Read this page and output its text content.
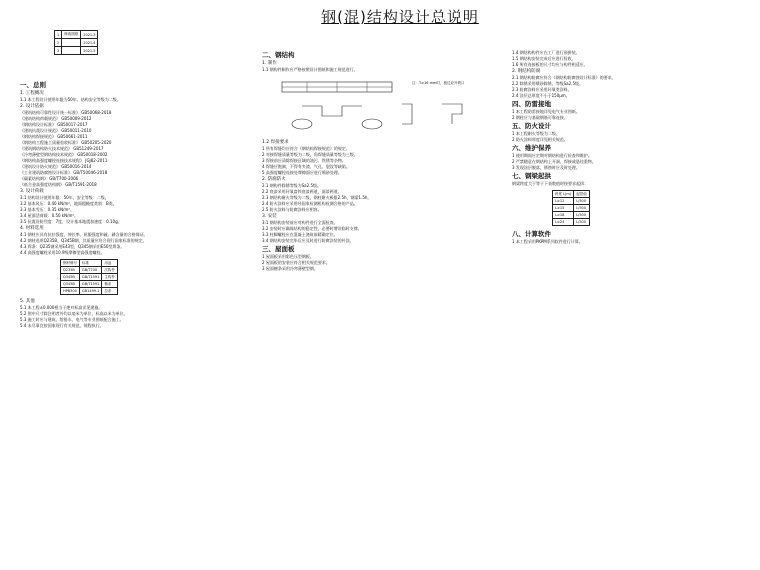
钢(混)结构设计总说明
1	修改图纸	2021.3
2		2021.4
3		2021.5
一、总则
1. 工程概况
1.1 本工程设计使用年限为50年，结构安全等级为二级。
2. 设计依据
《建筑结构可靠性设计统一标准》 GB50068-2018
《建筑结构荷载规范》 GB50009-2012
《钢结构设计标准》 GB50017-2017
《建筑抗震设计规范》 GB50011-2010
《钢结构焊接规范》 GB50661-2011
《钢结构工程施工质量验收标准》 GB50205-2020
《建筑钢结构防火技术规范》 GB51249-2017
《冷弯薄壁型钢结构技术规范》 GB50018-2002
《钢结构高强度螺栓连接技术规程》 JGJ82-2011
《建筑设计防火规范》 GB50016-2014
《工业建筑防腐蚀设计标准》 GB/T50046-2018
《碳素结构钢》 GB/T700-2006
《低合金高强度结构钢》 GB/T1591-2018
3. 设计荷载
3.1 结构设计使用年限：50年，安全等级：二级。
3.2 基本风压：0.40 kN/m²，地面粗糙度类别：B类。
3.3 基本雪压：0.35 kN/m²。
3.4 屋面活荷载：0.50 kN/m²。
3.5 抗震设防烈度：7度，设计基本地震加速度：0.10g。
4. 材料选用
4.1 钢材应具有抗拉强度、伸长率、屈服强度和硫、磷含量的合格保证。
4.2 钢材选用Q235B、Q345B钢，其质量应符合现行国家标准的规定。
4.3 焊条：Q235钢采用E43型，Q345钢采用E50型焊条。
4.4 高强度螺栓采用10.9级摩擦型高强度螺栓。
钢材牌号	标准	用途
Q235B	GB/T700	次构件
Q345B	GB/T1591	主构件
Q345B	GB/T1591	檩条
HPB300	GB1499.1	拉条
5. 其他
5.1 本工程±0.000相当于绝对标高详见建施。
5.2 图中尺寸除注明者外均以毫米为单位，标高以米为单位。
5.3 施工时应与建筑、给排水、电气等专业图纸配合施工。
5.4 未尽事宜按国家现行有关规范、规程执行。
二、钢结构
1. 制作
1.1 钢构件制作应严格按照设计图纸和施工规范进行。
注：T≥16 mm时，板边应开坡口
1.2 焊接要求
1 所有焊缝均应符合《钢结构焊接规范》的规定。
2 对接焊缝质量等级为二级，角焊缝质量等级为三级。
3 焊接前应清除焊接区域的油污、铁锈等杂物。
4 焊缝应饱满，不得有夹渣、气孔、裂纹等缺陷。
5 高强度螺栓连接处摩擦面应进行喷砂处理。
2. 防腐防火
2.1 钢构件除锈等级为Sa2.5级。
2.2 底漆采用环氧富锌底漆两道，面漆两道。
2.3 钢结构耐火等级为二级，钢柱耐火极限2.5h，钢梁1.5h。
2.4 防火涂料应采用经国家检测机构检测合格的产品。
2.5 防火涂料与防腐涂料应相容。
3. 安装
3.1 钢结构安装前应对构件进行全面检查。
3.2 安装时应确保结构的稳定性，必要时增设临时支撑。
3.3 柱脚螺栓应在混凝土浇筑前精确定位。
3.4 钢结构安装完毕后应及时进行防腐涂装的补涂。
三、屋面板
1 屋面板采用彩色压型钢板。
2 屋面板的安装应符合相关规范要求。
3 屋面檩条采用冷弯薄壁型钢。
1.4 钢结构构件应在工厂进行预拼装。
1.5 钢结构安装完成后应进行验收。
1.6 所有连接板的尺寸均应与构件相适应。
2. 钢结构防腐
2.1 钢结构防腐应符合《钢结构防腐蚀设计标准》的要求。
2.2 除锈采用喷砂除锈，等级Sa2.5级。
2.3 防腐涂料应采用环氧类涂料。
2.4 涂层总厚度不小于150μm。
四、防雷接地
1 本工程防雷接地详见电气专业图纸。
2 钢柱应与基础钢筋可靠连接。
五、防火设计
1 本工程耐火等级为二级。
2 防火涂料厚度详见相关规范。
六、维护保养
1 使用期间应定期对钢结构进行检查和维护。
2 严禁随意在钢结构上开洞、焊接或悬挂重物。
3 发现涂层脱落、锈蚀时应及时处理。
七、钢梁起拱
钢梁跨度大于等于下表数值时按要求起拱：
跨度 L(m)	起拱值
L≥12	L/500
L≥15	L/500
L≥18	L/500
L≥24	L/500
八、计算软件
1 本工程采用PKPM系列软件进行计算。
